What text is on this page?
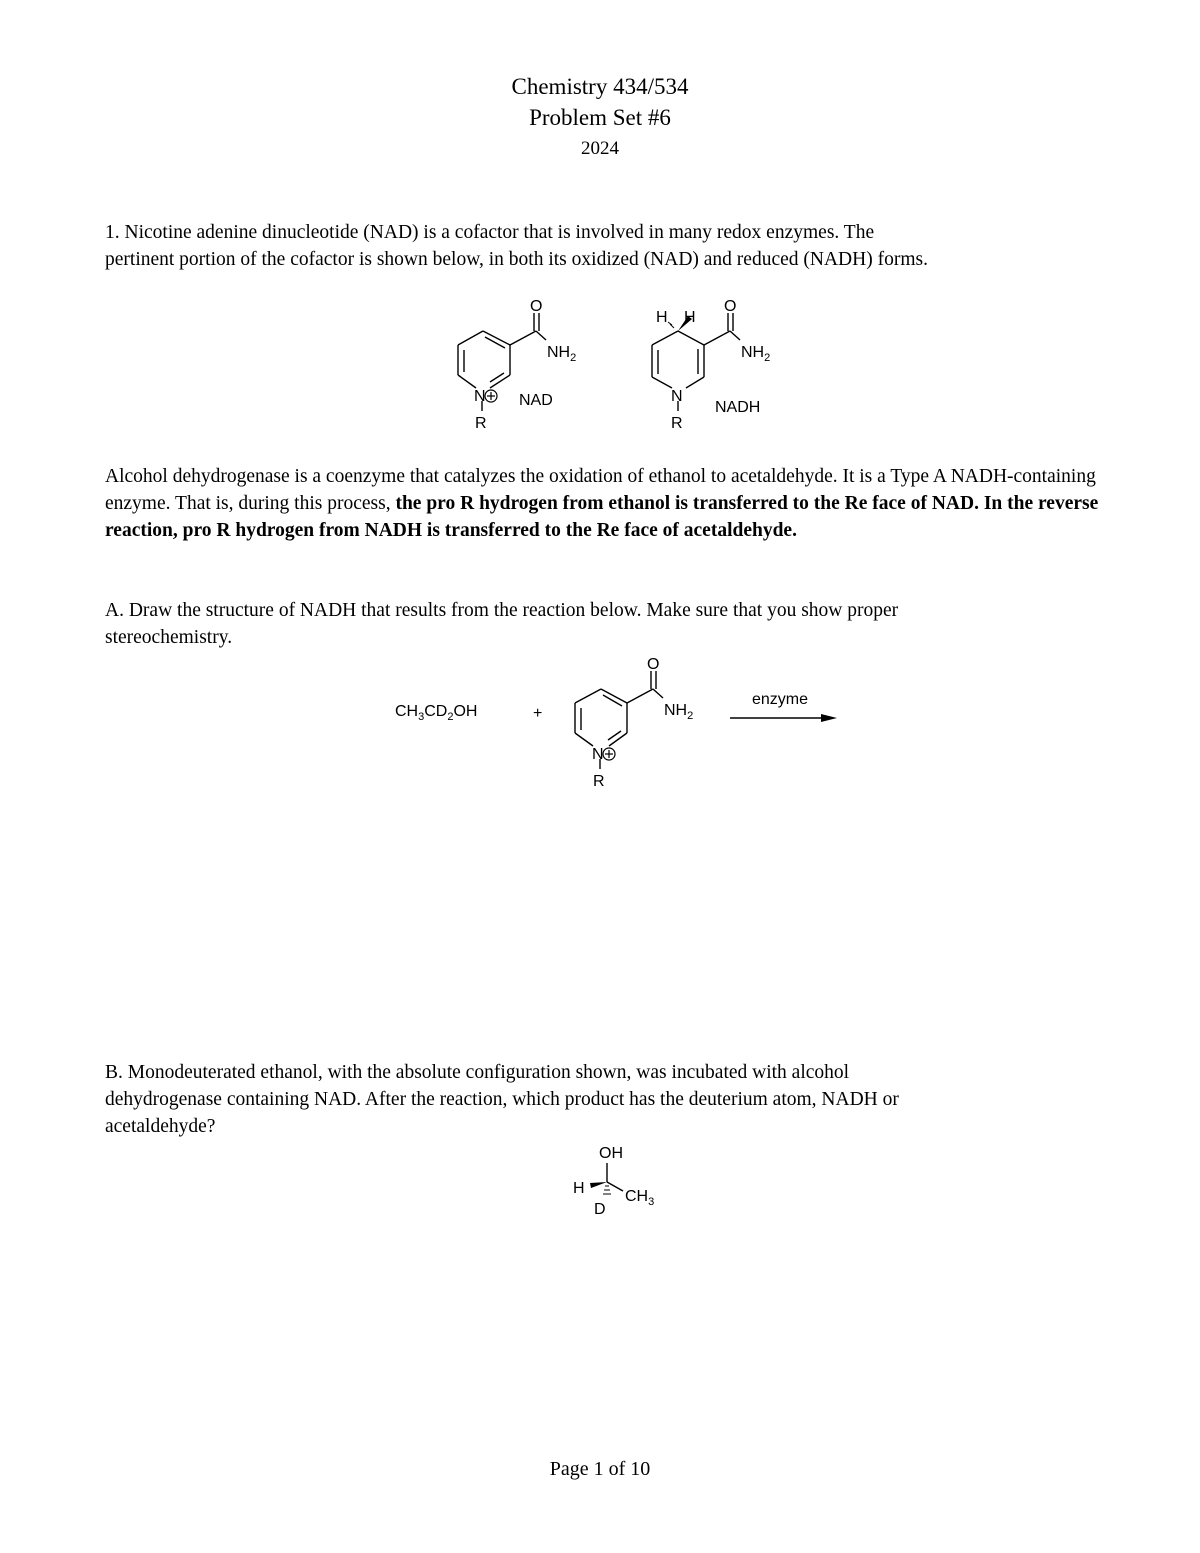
Chemistry 434/534
Problem Set #6
2024
1. Nicotine adenine dinucleotide (NAD) is a cofactor that is involved in many redox enzymes. The
pertinent portion of the cofactor is shown below, in both its oxidized (NAD) and reduced (NADH) forms.
O
$NH_2$
N
R
NAD
H H
O
$NH_2$
N
R
NADH
Alcohol dehydrogenase is a coenzyme that catalyzes the oxidation of ethanol to acetaldehyde. It is a Type A NADH-containing enzyme. That is, during this process, the pro R hydrogen from ethanol is transferred to the Re face of NAD. In the reverse reaction, pro R hydrogen from NADH is transferred to the Re face of acetaldehyde.
A. Draw the structure of NADH that results from the reaction below. Make sure that you show proper
stereochemistry.
$CH_3CD_2OH$	+
O
$NH_2$
N
R
enzyme
B. Monodeuterated ethanol, with the absolute configuration shown, was incubated with alcohol
dehydrogenase containing NAD. After the reaction, which product has the deuterium atom, NADH or
acetaldehyde?
OH
H
D
$CH_3$
Page 1 of 10
